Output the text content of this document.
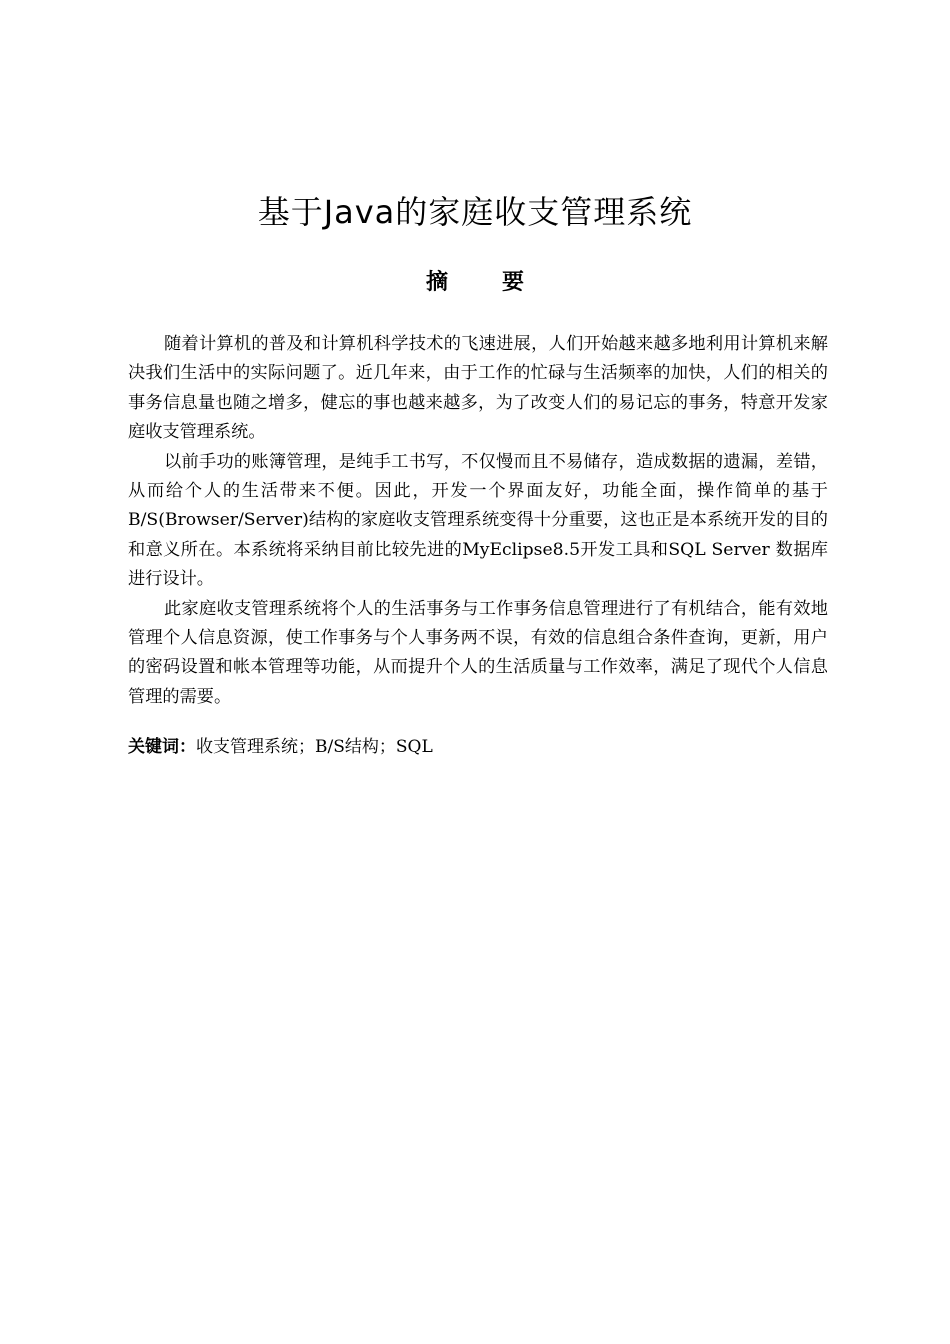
基于Java的家庭收支管理系统
摘 要

随着计算机的普及和计算机科学技术的飞速进展，人们开始越来越多地利用计算机来解决我们生活中的实际问题了。近几年来，由于工作的忙碌与生活频率的加快，人们的相关的事务信息量也随之增多，健忘的事也越来越多，为了改变人们的易记忘的事务，特意开发家庭收支管理系统。

以前手功的账簿管理，是纯手工书写，不仅慢而且不易储存，造成数据的遗漏，差错，从而给个人的生活带来不便。因此，开发一个界面友好，功能全面，操作简单的基于B/S(Browser/Server)结构的家庭收支管理系统变得十分重要，这也正是本系统开发的目的和意义所在。本系统将采纳目前比较先进的MyEclipse8.5开发工具和SQL Server 数据库进行设计。

此家庭收支管理系统将个人的生活事务与工作事务信息管理进行了有机结合，能有效地管理个人信息资源，使工作事务与个人事务两不误，有效的信息组合条件查询，更新，用户的密码设置和帐本管理等功能，从而提升个人的生活质量与工作效率，满足了现代个人信息管理的需要。

关键词：收支管理系统；B/S结构；SQL
